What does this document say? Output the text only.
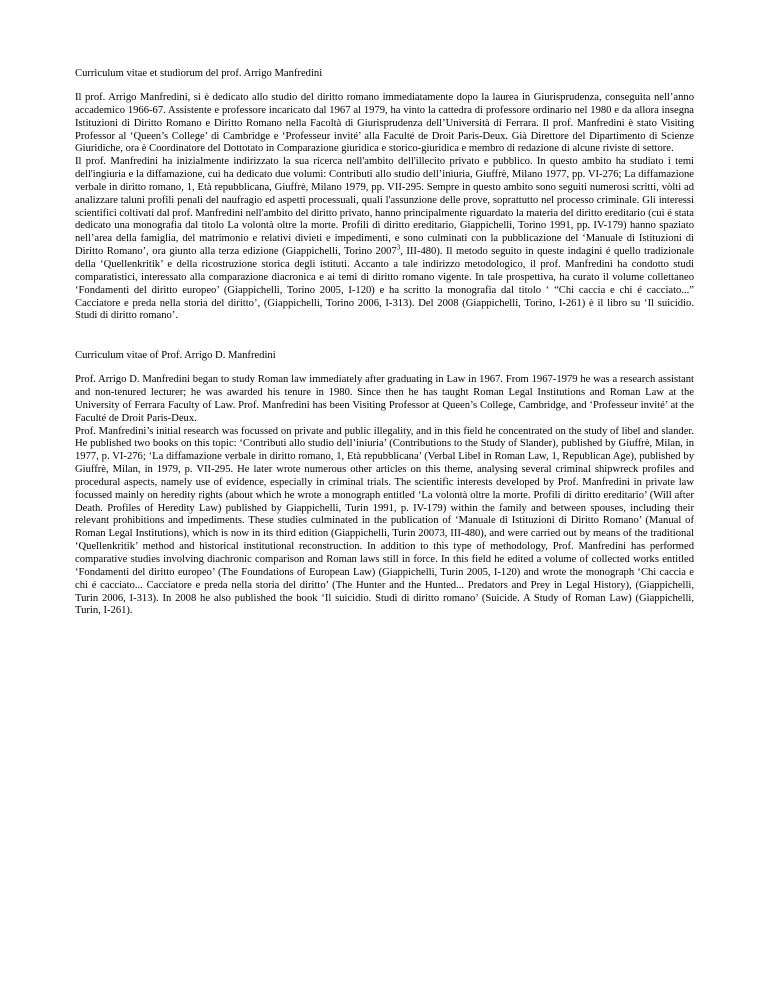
Curriculum vitae et studiorum del prof. Arrigo Manfredini

Il prof. Arrigo Manfredini, si è dedicato allo studio del diritto romano immediatamente dopo la laurea in Giurisprudenza, conseguita nell’anno accademico 1966-67. Assistente e professore incaricato dal 1967 al 1979, ha vinto la cattedra di professore ordinario nel 1980 e da allora insegna Istituzioni di Diritto Romano e Diritto Romano nella Facoltà di Giurisprudenza dell’Università di Ferrara. Il prof. Manfredini è stato Visiting Professor al ‘Queen’s College’ di Cambridge e ‘Professeur invité’ alla Faculté de Droit Paris-Deux. Già Direttore del Dipartimento di Scienze Giuridiche, ora è Coordinatore del Dottotato in Comparazione giuridica e storico-giuridica e membro di redazione di alcune riviste di settore.

Il prof. Manfredini ha inizialmente indirizzato la sua ricerca nell'ambito dell'illecito privato e pubblico. In questo ambito ha studiato i temi dell'ingiuria e la diffamazione, cui ha dedicato due volumi: Contributi allo studio dell’iniuria, Giuffrè, Milano 1977, pp. VI-276; La diffamazione verbale in diritto romano, 1, Età repubblicana, Giuffrè, Milano 1979, pp. VII-295. Sempre in questo ambito sono seguiti numerosi scritti, vòlti ad analizzare taluni profili penali del naufragio ed aspetti processuali, quali l'assunzione delle prove, soprattutto nel processo criminale. Gli interessi scientifici coltivati dal prof. Manfredini nell'ambito del diritto privato, hanno principalmente riguardato la materia del diritto ereditario (cui é stata dedicato una monografia dal titolo La volontà oltre la morte. Profili di diritto ereditario, Giappichelli, Torino 1991, pp. IV-179) hanno spaziato nell’area della famiglia, del matrimonio e relativi divieti e impedimenti, e sono culminati con la pubblicazione del ‘Manuale di Istituzioni di Diritto Romano’, ora giunto alla terza edizione (Giappichelli, Torino 2007$^3$, III-480). Il metodo seguito in queste indagini é quello tradizionale della ‘Quellenkritik’ e della ricostruzione storica degli istituti. Accanto a tale indirizzo metodologico, il prof. Manfredini ha condotto studi comparatistici, interessato alla comparazione diacronica e ai temi di diritto romano vigente. In tale prospettiva, ha curato il volume collettaneo ‘Fondamenti del diritto europeo’ (Giappichelli, Torino 2005, I-120) e ha scritto la monografia dal titolo ‘ “Chi caccia e chi é cacciato...” Cacciatore e preda nella storia del diritto’, (Giappichelli, Torino 2006, I-313). Del 2008 (Giappichelli, Torino, I-261) è il libro su ‘Il suicidio. Studi di diritto romano’.

Curriculum vitae of Prof. Arrigo D. Manfredini

Prof. Arrigo D. Manfredini began to study Roman law immediately after graduating in Law in 1967. From 1967-1979 he was a research assistant and non-tenured lecturer; he was awarded his tenure in 1980. Since then he has taught Roman Legal Institutions and Roman Law at the University of Ferrara Faculty of Law. Prof. Manfredini has been Visiting Professor at Queen’s College, Cambridge, and ‘Professeur invité’ at the Faculté de Droit Paris-Deux.

Prof. Manfredini’s initial research was focussed on private and public illegality, and in this field he concentrated on the study of libel and slander. He published two books on this topic: ‘Contributi allo studio dell’iniuria’ (Contributions to the Study of Slander), published by Giuffrè, Milan, in 1977, p. VI-276; ‘La diffamazione verbale in diritto romano, 1, Età repubblicana’ (Verbal Libel in Roman Law, 1, Republican Age), published by Giuffrè, Milan, in 1979, p. VII-295. He later wrote numerous other articles on this theme, analysing several criminal shipwreck profiles and procedural aspects, namely use of evidence, especially in criminal trials. The scientific interests developed by Prof. Manfredini in private law focussed mainly on heredity rights (about which he wrote a monograph entitled ‘La volontà oltre la morte. Profili di diritto ereditario’ (Will after Death. Profiles of Heredity Law) published by Giappichelli, Turin 1991, p. IV-179) within the family and between spouses, including their relevant prohibitions and impediments. These studies culminated in the publication of ‘Manuale di Istituzioni di Diritto Romano’ (Manual of Roman Legal Institutions), which is now in its third edition (Giappichelli, Turin 20073, III-480), and were carried out by means of the traditional ‘Quellenkritik’ method and historical institutional reconstruction. In addition to this type of methodology, Prof. Manfredini has performed comparative studies involving diachronic comparison and Roman laws still in force. In this field he edited a volume of collected works entitled ‘Fondamenti del diritto europeo’ (The Foundations of European Law) (Giappichelli, Turin 2005, I-120) and wrote the monograph ‘Chi caccia e chi é cacciato... Cacciatore e preda nella storia del diritto’ (The Hunter and the Hunted... Predators and Prey in Legal History), (Giappichelli, Turin 2006, I-313). In 2008 he also published the book ‘Il suicidio. Studi di diritto romano’ (Suicide. A Study of Roman Law) (Giappichelli, Turin, I-261).
